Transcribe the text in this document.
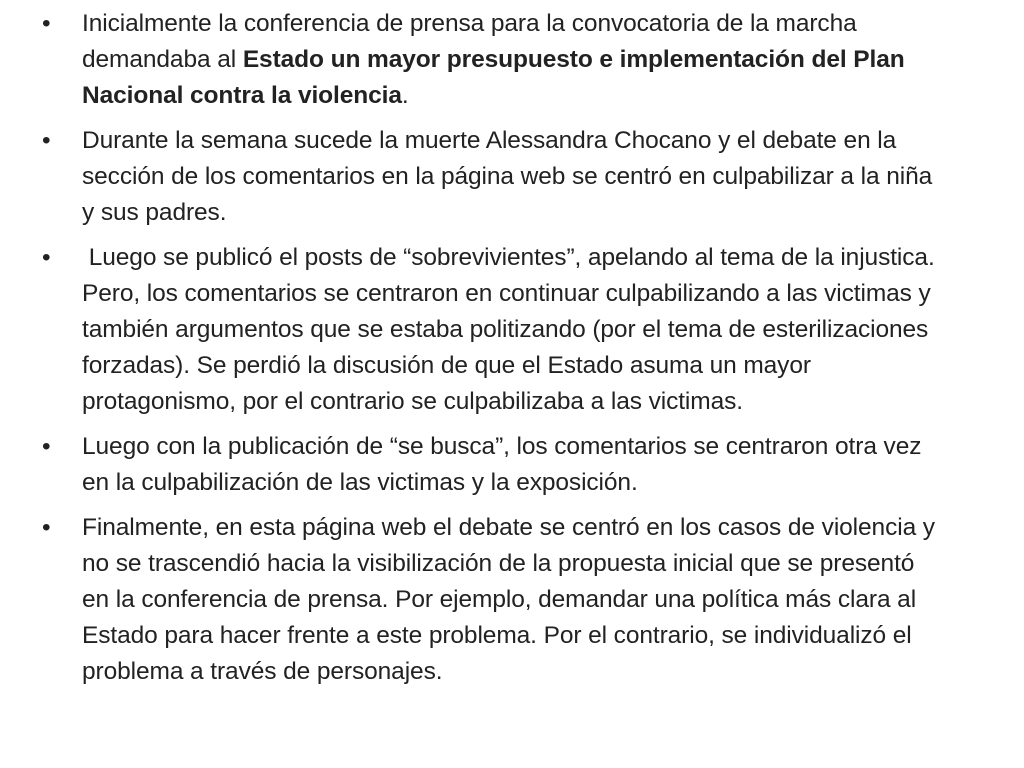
•	Inicialmente la conferencia de prensa para la convocatoria de la marcha demandaba al Estado un mayor presupuesto e implementación del Plan Nacional contra la violencia.
•	Durante la semana sucede la muerte Alessandra Chocano y el debate en la sección de los comentarios en la página web se centró en culpabilizar a la niña y sus padres.
•	Luego se publicó el posts de “sobrevivientes”, apelando al tema de la injustica. Pero, los comentarios se centraron en continuar culpabilizando a las victimas y también argumentos que se estaba politizando (por el tema de esterilizaciones forzadas). Se perdió la discusión de que el Estado asuma un mayor protagonismo, por el contrario se culpabilizaba a las victimas.
•	Luego con la publicación de “se busca”, los comentarios se centraron otra vez en la culpabilización de las victimas y la exposición.
•	Finalmente, en esta página web el debate se centró en los casos de violencia y no se trascendió hacia la visibilización de la propuesta inicial que se presentó en la conferencia de prensa. Por ejemplo, demandar una política más clara al Estado para hacer frente a este problema. Por el contrario, se individualizó el problema a través de personajes.
